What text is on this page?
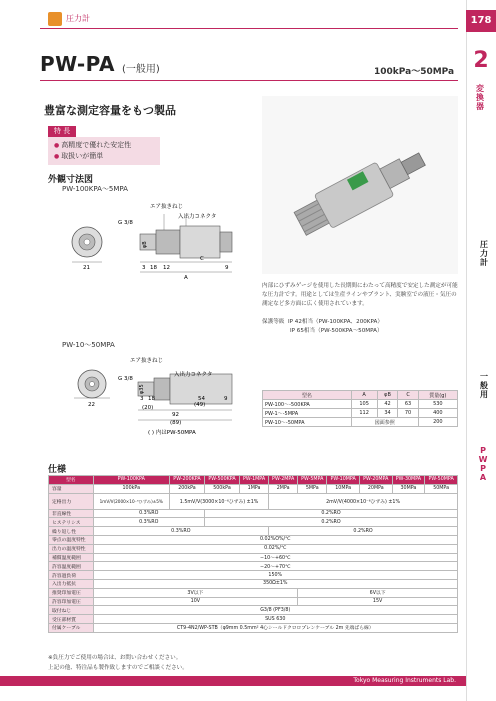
圧力計	178
2
変換器
圧力計
一般用
PWPA
PW-PA (一般用)	100kPa〜50MPa
豊富な測定容量をもつ製品
特 長
● 高精度で優れた安定性
● 取扱いが簡単
外観寸法図
PW-100KPA〜5MPA
21	3 18 12
C
9
A
エア抜きねじ
入出力コネクタ
G 3/8
φB
PW-10〜50MPA
22
3 18
(20)
54
(49)
9
92
(89)
エア抜きねじ
入出力コネクタ
G 3/8
φ35
( ) 内はPW-50MPA
内部にひずみゲージを使用した長期間にわたって高精度で安定した測定が可能な圧力計です。用途としては生産ラインやプラント、実験室での液圧・気圧の測定など多方面に広く使用されています。
保護等級 IP 42相当（PW-100KPA、200KPA）
IP 65相当（PW-500KPA〜50MPA）
型名	A	φB	C	質量(g)
PW-100〜-500KPA	105	42	63	530
PW-1〜-5MPA	112	34	70	400
PW-10〜-50MPA	図面参照			200
仕様
型名	PW-100KPA	PW-200KPA	PW-500KPA	PW-1MPA	PW-2MPA	PW-5MPA	PW-10MPA	PW-20MPA	PW-30MPA	PW-50MPA
容量	100kPa	200kPa	500kPa	1MPa	2MPa	5MPa	10MPa	20MPa	30MPa	50MPa
定格出力	1mV/V(2000×10⁻⁶ひずみ)±5%	1.5mV/V(3000×10⁻⁶ひずみ) ±1%			2mV/V(4000×10⁻⁶ひずみ) ±1%					
非直線性	0.3%RO		0.2%RO							
ヒステリシス	0.3%RO		0.2%RO							
繰り返し性	0.3%RO				0.2%RO					
零点の温度特性	0.02%O%/℃									
出力の温度特性	0.02%/℃									
補償温度範囲	−10〜+60℃									
許容温度範囲	−20〜+70℃									
許容過負荷	150%									
入出力抵抗	350Ω±1%									
推奨印加電圧	3V以下					6V以下				
許容印加電圧	10V					15V				
取付ねじ	G3/8 (PF3/8)									
受圧部材質	SUS 630									
付属ケーブル	CT9-4N2/WP-STB（φ9mm 0.5mm² 4心シールドクロロプレンケーブル 2m 先端ばら線）									
※負圧力でご使用の場合は、お問い合わせください。
上記の他、特注品も製作致しますのでご相談ください。
Tokyo Measuring Instruments Lab.
